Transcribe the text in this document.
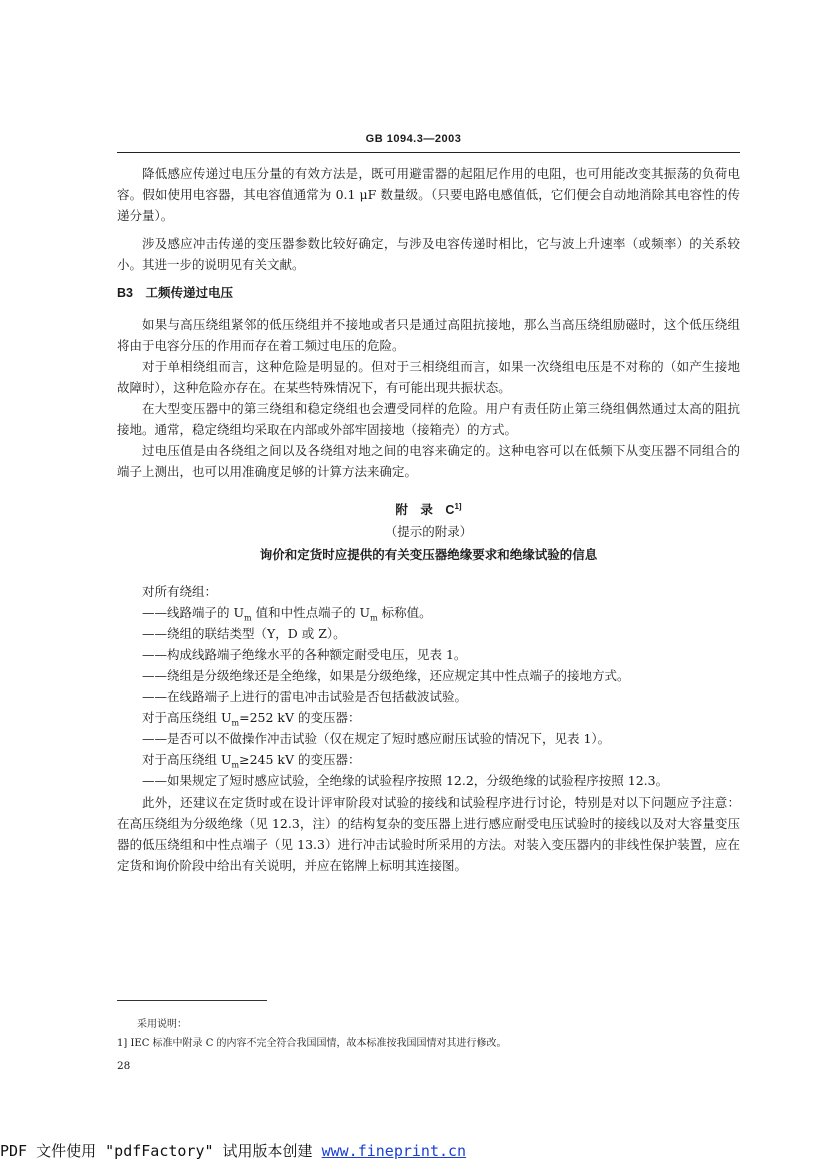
GB 1094.3—2003

降低感应传递过电压分量的有效方法是，既可用避雷器的起阻尼作用的电阻，也可用能改变其振荡的负荷电容。假如使用电容器，其电容值通常为 0.1 μF 数量级。（只要电路电感值低，它们便会自动地消除其电容性的传递分量）。

涉及感应冲击传递的变压器参数比较好确定，与涉及电容传递时相比，它与波上升速率（或频率）的关系较小。其进一步的说明见有关文献。

B3　工频传递过电压

如果与高压绕组紧邻的低压绕组并不接地或者只是通过高阻抗接地，那么当高压绕组励磁时，这个低压绕组将由于电容分压的作用而存在着工频过电压的危险。

对于单相绕组而言，这种危险是明显的。但对于三相绕组而言，如果一次绕组电压是不对称的（如产生接地故障时），这种危险亦存在。在某些特殊情况下，有可能出现共振状态。

在大型变压器中的第三绕组和稳定绕组也会遭受同样的危险。用户有责任防止第三绕组偶然通过太高的阻抗接地。通常，稳定绕组均采取在内部或外部牢固接地（接箱壳）的方式。

过电压值是由各绕组之间以及各绕组对地之间的电容来确定的。这种电容可以在低频下从变压器不同组合的端子上测出，也可以用准确度足够的计算方法来确定。

附　录　$C^{1]}$

（提示的附录）

询价和定货时应提供的有关变压器绝缘要求和绝缘试验的信息

对所有绕组：

——线路端子的 $U_m$ 值和中性点端子的 $U_m$ 标称值。

——绕组的联结类型（Y，D 或 Z）。

——构成线路端子绝缘水平的各种额定耐受电压，见表 1。

——绕组是分级绝缘还是全绝缘，如果是分级绝缘，还应规定其中性点端子的接地方式。

——在线路端子上进行的雷电冲击试验是否包括截波试验。

对于高压绕组 $U_m=252$ kV 的变压器：

——是否可以不做操作冲击试验（仅在规定了短时感应耐压试验的情况下，见表 1）。

对于高压绕组 $U_m\ge 245$ kV 的变压器：

——如果规定了短时感应试验，全绝缘的试验程序按照 12.2，分级绝缘的试验程序按照 12.3。

此外，还建议在定货时或在设计评审阶段对试验的接线和试验程序进行讨论，特别是对以下问题应予注意：在高压绕组为分级绝缘（见 12.3，注）的结构复杂的变压器上进行感应耐受电压试验时的接线以及对大容量变压器的低压绕组和中性点端子（见 13.3）进行冲击试验时所采用的方法。对装入变压器内的非线性保护装置，应在定货和询价阶段中给出有关说明，并应在铭牌上标明其连接图。

采用说明：
1] IEC 标准中附录 C 的内容不完全符合我国国情，故本标准按我国国情对其进行修改。
28
PDF 文件使用 "pdfFactory" 试用版本创建 www.fineprint.cn
